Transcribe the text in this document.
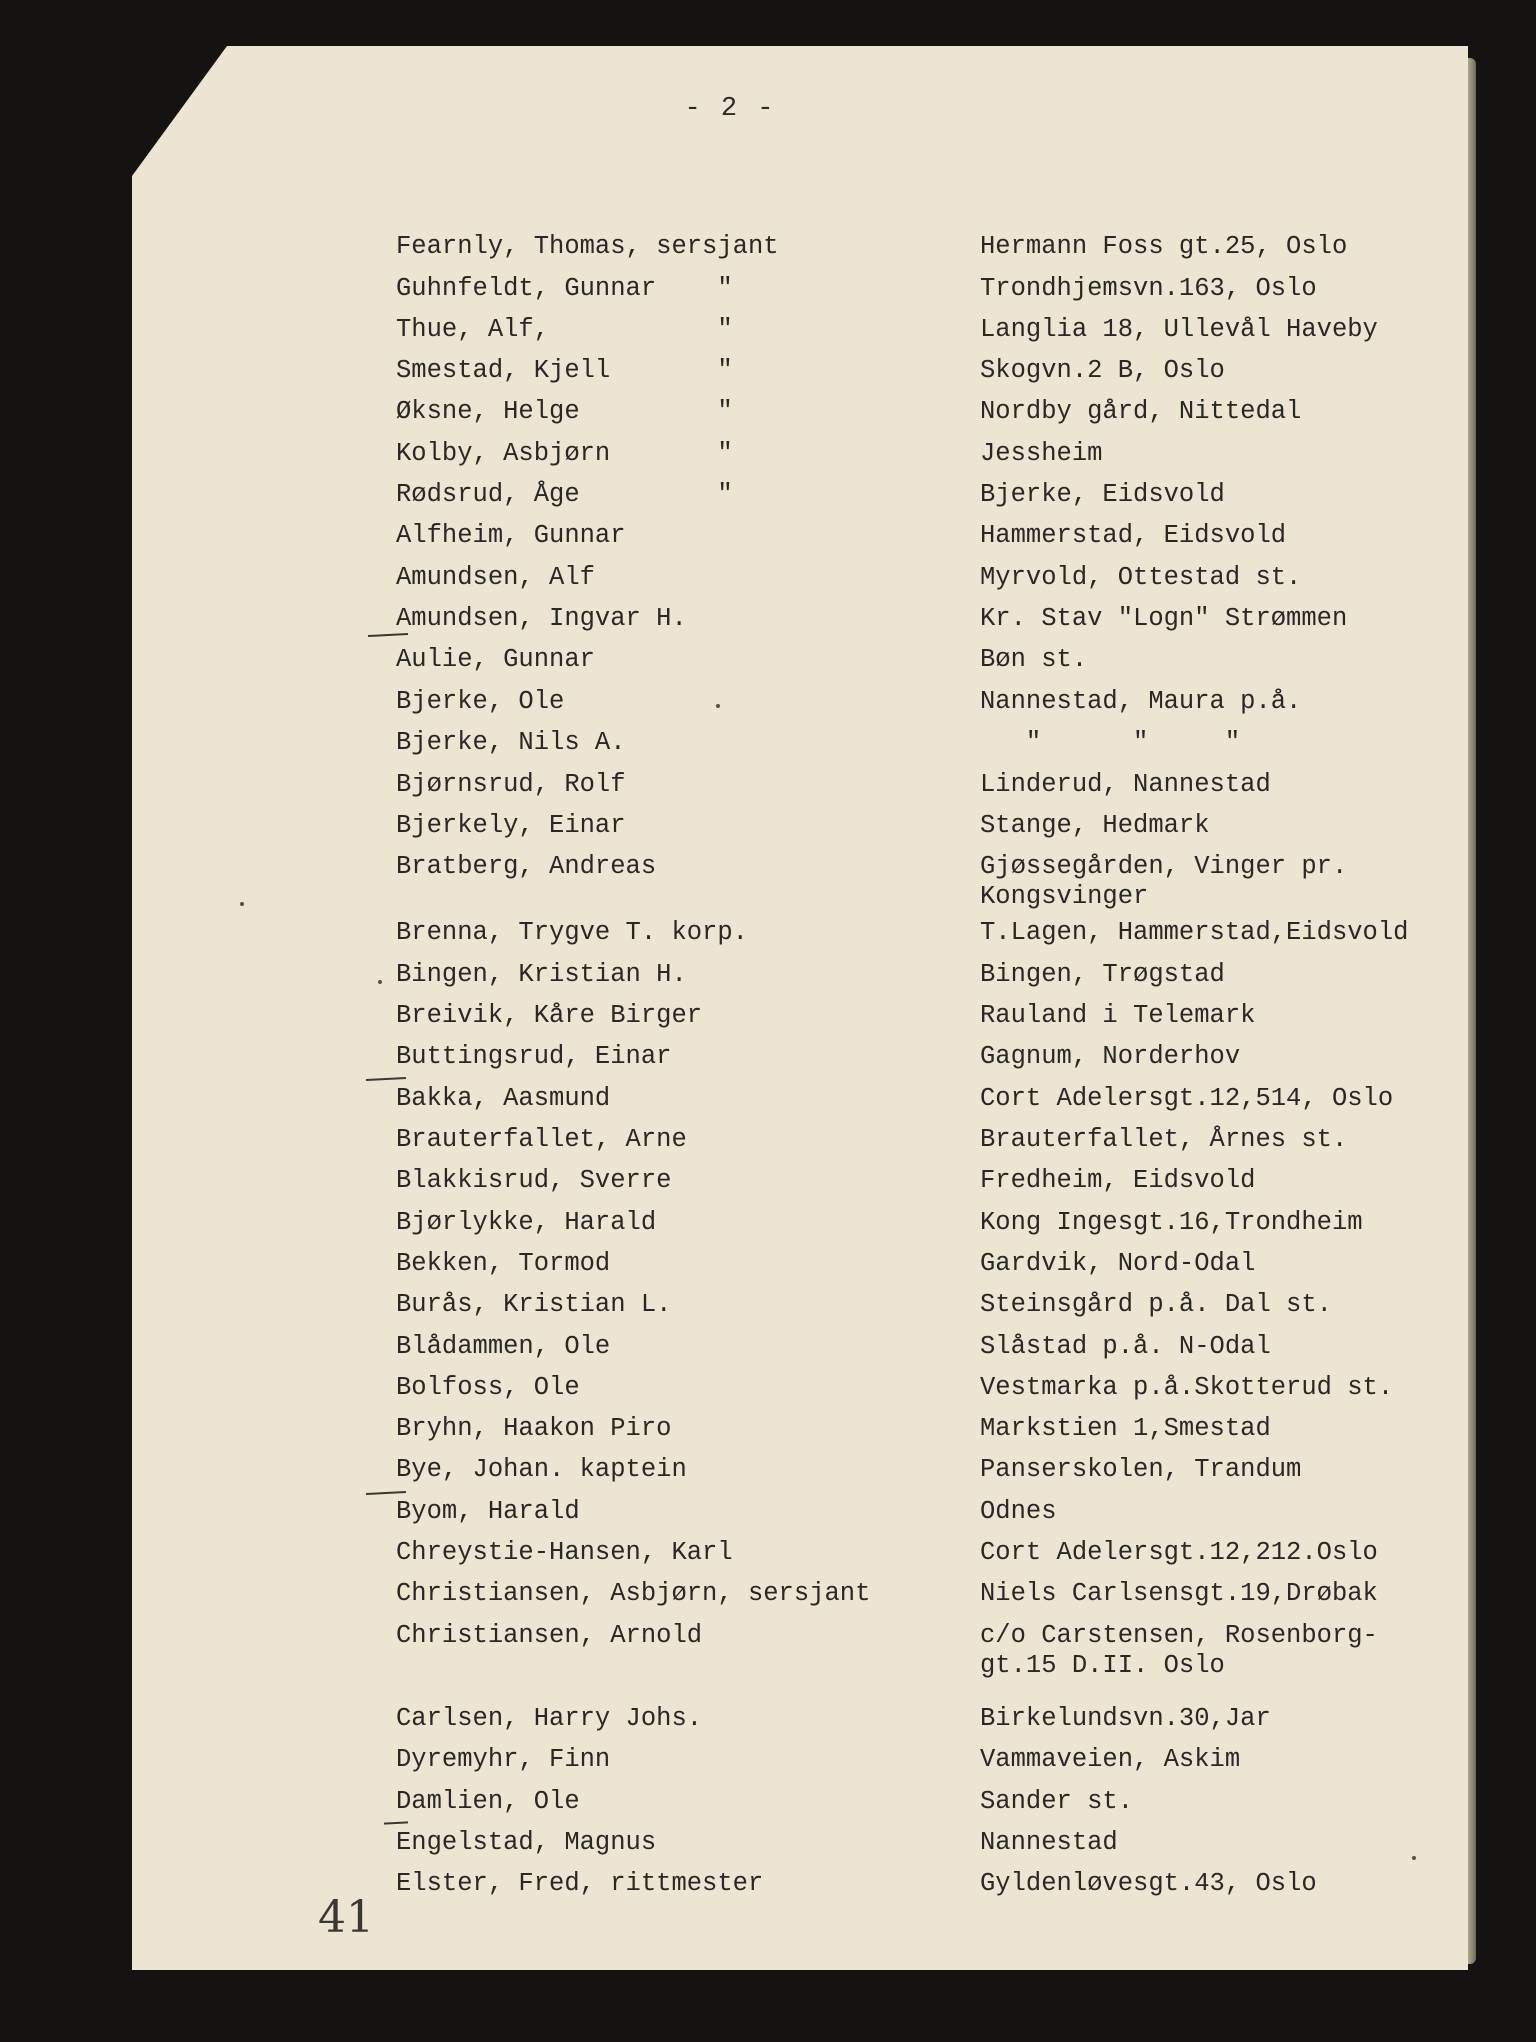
- 2 -
Fearnly, Thomas, sersjant	Hermann Foss gt.25, Oslo
Guhnfeldt, Gunnar    "	Trondhjemsvn.163, Oslo
Thue, Alf,           "	Langlia 18, Ullevål Haveby
Smestad, Kjell       "	Skogvn.2 B, Oslo
Øksne, Helge         "	Nordby gård, Nittedal
Kolby, Asbjørn       "	Jessheim
Rødsrud, Åge         "	Bjerke, Eidsvold
Alfheim, Gunnar	Hammerstad, Eidsvold
Amundsen, Alf	Myrvold, Ottestad st.
Amundsen, Ingvar H.	Kr. Stav "Logn" Strømmen
Aulie, Gunnar	Bøn st.
Bjerke, Ole	Nannestad, Maura p.å.
Bjerke, Nils A.	"      "     "
Bjørnsrud, Rolf	Linderud, Nannestad
Bjerkely, Einar	Stange, Hedmark
Bratberg, Andreas	Gjøssegården, Vinger pr.
Kongsvinger
Brenna, Trygve T. korp.	T.Lagen, Hammerstad,Eidsvold
Bingen, Kristian H.	Bingen, Trøgstad
Breivik, Kåre Birger	Rauland i Telemark
Buttingsrud, Einar	Gagnum, Norderhov
Bakka, Aasmund	Cort Adelersgt.12,514, Oslo
Brauterfallet, Arne	Brauterfallet, Årnes st.
Blakkisrud, Sverre	Fredheim, Eidsvold
Bjørlykke, Harald	Kong Ingesgt.16,Trondheim
Bekken, Tormod	Gardvik, Nord-Odal
Burås, Kristian L.	Steinsgård p.å. Dal st.
Blådammen, Ole	Slåstad p.å. N-Odal
Bolfoss, Ole	Vestmarka p.å.Skotterud st.
Bryhn, Haakon Piro	Markstien 1,Smestad
Bye, Johan. kaptein	Panserskolen, Trandum
Byom, Harald	Odnes
Chreystie-Hansen, Karl	Cort Adelersgt.12,212.Oslo
Christiansen, Asbjørn, sersjant	Niels Carlsensgt.19,Drøbak
Christiansen, Arnold	c/o Carstensen, Rosenborg-
gt.15 D.II. Oslo
Carlsen, Harry Johs.	Birkelundsvn.30,Jar
Dyremyhr, Finn	Vammaveien, Askim
Damlien, Ole	Sander st.
Engelstad, Magnus	Nannestad
Elster, Fred, rittmester	Gyldenløvesgt.43, Oslo
41
